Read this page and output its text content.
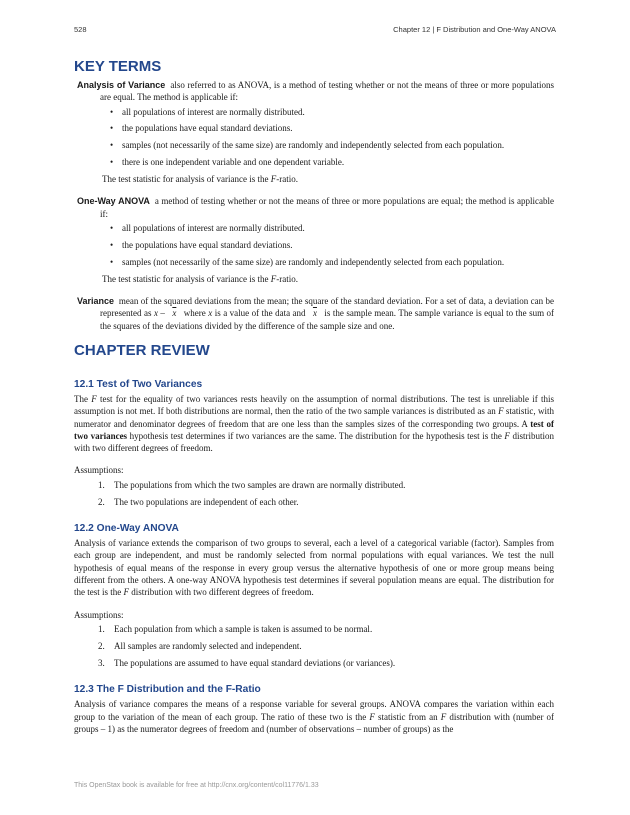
528	Chapter 12 | F Distribution and One-Way ANOVA
KEY TERMS

Analysis of Variance also referred to as ANOVA, is a method of testing whether or not the means of three or more populations are equal. The method is applicable if:

• all populations of interest are normally distributed.
• the populations have equal standard deviations.
• samples (not necessarily of the same size) are randomly and independently selected from each population.
• there is one independent variable and one dependent variable.

The test statistic for analysis of variance is the F-ratio.

One-Way ANOVA a method of testing whether or not the means of three or more populations are equal; the method is applicable if:

• all populations of interest are normally distributed.
• the populations have equal standard deviations.
• samples (not necessarily of the same size) are randomly and independently selected from each population.

The test statistic for analysis of variance is the F-ratio.

Variance mean of the squared deviations from the mean; the square of the standard deviation. For a set of data, a deviation can be represented as x – $\overline{x}$ where x is a value of the data and $\overline{x}$ is the sample mean. The sample variance is equal to the sum of the squares of the deviations divided by the difference of the sample size and one.

CHAPTER REVIEW
12.1 Test of Two Variances

The F test for the equality of two variances rests heavily on the assumption of normal distributions. The test is unreliable if this assumption is not met. If both distributions are normal, then the ratio of the two sample variances is distributed as an F statistic, with numerator and denominator degrees of freedom that are one less than the samples sizes of the corresponding two groups. A test of two variances hypothesis test determines if two variances are the same. The distribution for the hypothesis test is the F distribution with two different degrees of freedom.

Assumptions:

1. The populations from which the two samples are drawn are normally distributed.
2. The two populations are independent of each other.
12.2 One-Way ANOVA

Analysis of variance extends the comparison of two groups to several, each a level of a categorical variable (factor). Samples from each group are independent, and must be randomly selected from normal populations with equal variances. We test the null hypothesis of equal means of the response in every group versus the alternative hypothesis of one or more group means being different from the others. A one-way ANOVA hypothesis test determines if several population means are equal. The distribution for the test is the F distribution with two different degrees of freedom.

Assumptions:

1. Each population from which a sample is taken is assumed to be normal.
2. All samples are randomly selected and independent.
3. The populations are assumed to have equal standard deviations (or variances).
12.3 The F Distribution and the F-Ratio

Analysis of variance compares the means of a response variable for several groups. ANOVA compares the variation within each group to the variation of the mean of each group. The ratio of these two is the F statistic from an F distribution with (number of groups – 1) as the numerator degrees of freedom and (number of observations – number of groups) as the

This OpenStax book is available for free at http://cnx.org/content/col11776/1.33
